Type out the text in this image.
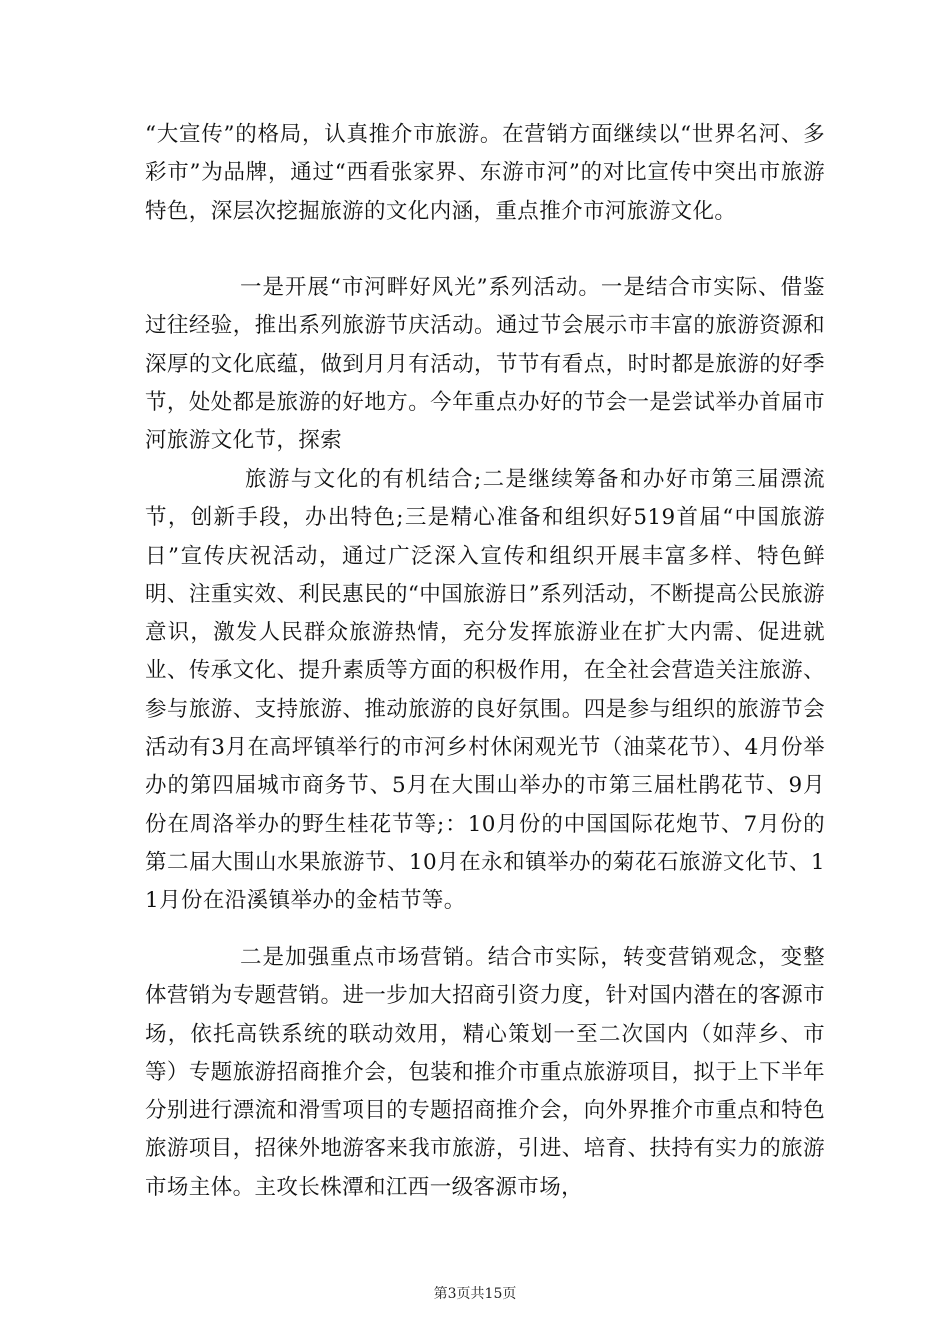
“大宣传”的格局，认真推介市旅游。在营销方面继续以“世界名河、多彩市”为品牌，通过“西看张家界、东游市河”的对比宣传中突出市旅游特色，深层次挖掘旅游的文化内涵，重点推介市河旅游文化。

一是开展“市河畔好风光”系列活动。一是结合市实际、借鉴过往经验，推出系列旅游节庆活动。通过节会展示市丰富的旅游资源和深厚的文化底蕴，做到月月有活动，节节有看点，时时都是旅游的好季节，处处都是旅游的好地方。今年重点办好的节会一是尝试举办首届市河旅游文化节，探索

旅游与文化的有机结合;二是继续筹备和办好市第三届漂流节，创新手段，办出特色;三是精心准备和组织好519首届“中国旅游日”宣传庆祝活动，通过广泛深入宣传和组织开展丰富多样、特色鲜明、注重实效、利民惠民的“中国旅游日”系列活动，不断提高公民旅游意识，激发人民群众旅游热情，充分发挥旅游业在扩大内需、促进就业、传承文化、提升素质等方面的积极作用，在全社会营造关注旅游、参与旅游、支持旅游、推动旅游的良好氛围。四是参与组织的旅游节会活动有3月在高坪镇举行的市河乡村休闲观光节（油菜花节）、4月份举办的第四届城市商务节、5月在大围山举办的市第三届杜鹃花节、9月份在周洛举办的野生桂花节等;：10月份的中国国际花炮节、7月份的第二届大围山水果旅游节、10月在永和镇举办的菊花石旅游文化节、11月份在沿溪镇举办的金桔节等。

二是加强重点市场营销。结合市实际，转变营销观念，变整体营销为专题营销。进一步加大招商引资力度，针对国内潜在的客源市场，依托高铁系统的联动效用，精心策划一至二次国内（如萍乡、市等）专题旅游招商推介会，包装和推介市重点旅游项目，拟于上下半年分别进行漂流和滑雪项目的专题招商推介会，向外界推介市重点和特色旅游项目，招徕外地游客来我市旅游，引进、培育、扶持有实力的旅游市场主体。主攻长株潭和江西一级客源市场，

第3页共15页
